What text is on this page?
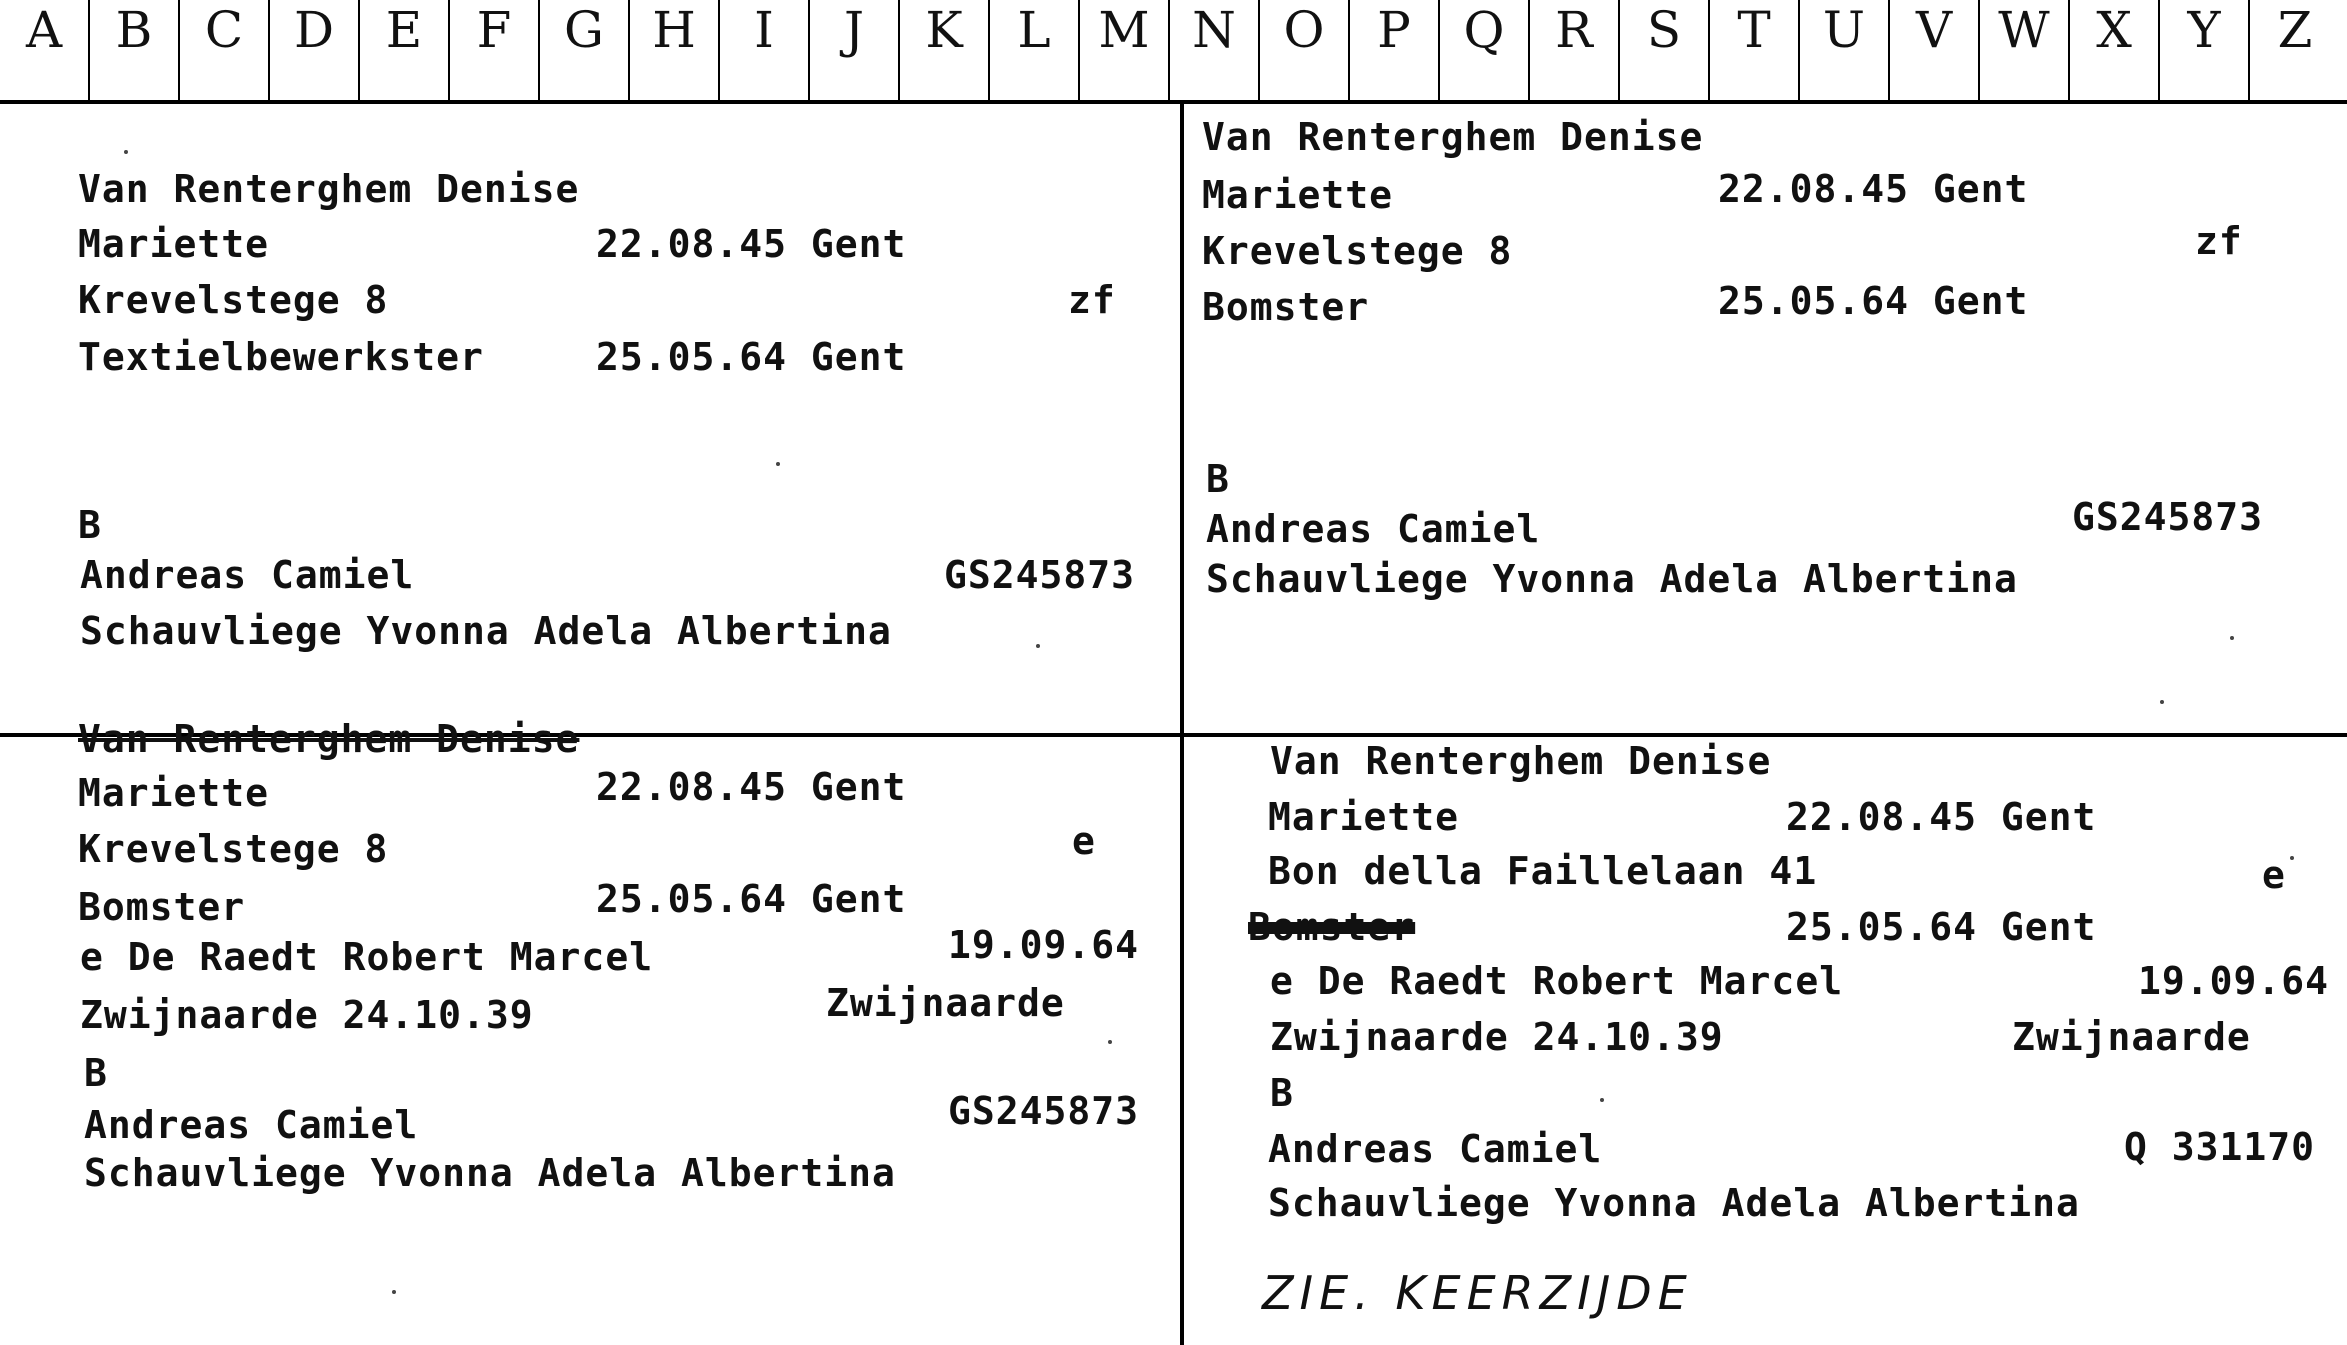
A	B	C	D	E	F	G H	I	J	K	L M N O	P	Q	R	S	T	U	V W X	Y	Z
Van Renterghem Denise
Mariette	22.08.45 Gent
Krevelstege 8	zf
Textielbewerkster	25.05.64 Gent
B
Andreas Camiel	GS245873
Schauvliege Yvonna Adela Albertina
Van Renterghem Denise
Mariette	22.08.45 Gent
Krevelstege 8	zf
Bomster	25.05.64 Gent
B
Andreas Camiel	GS245873
Schauvliege Yvonna Adela Albertina
Van Renterghem Denise
Mariette	22.08.45 Gent
Krevelstege 8	e
Bomster	25.05.64 Gent
e De Raedt Robert Marcel	19.09.64
Zwijnaarde 24.10.39	Zwijnaarde
B
Andreas Camiel	GS245873
Schauvliege Yvonna Adela Albertina
Van Renterghem Denise
Mariette	22.08.45 Gent
Bon della Faillelaan 41	e
Bomster	25.05.64 Gent
e De Raedt Robert Marcel	19.09.64
Zwijnaarde 24.10.39	Zwijnaarde
B
Andreas Camiel	Q 331170
Schauvliege Yvonna Adela Albertina
ZIE. KEERZIJDE
